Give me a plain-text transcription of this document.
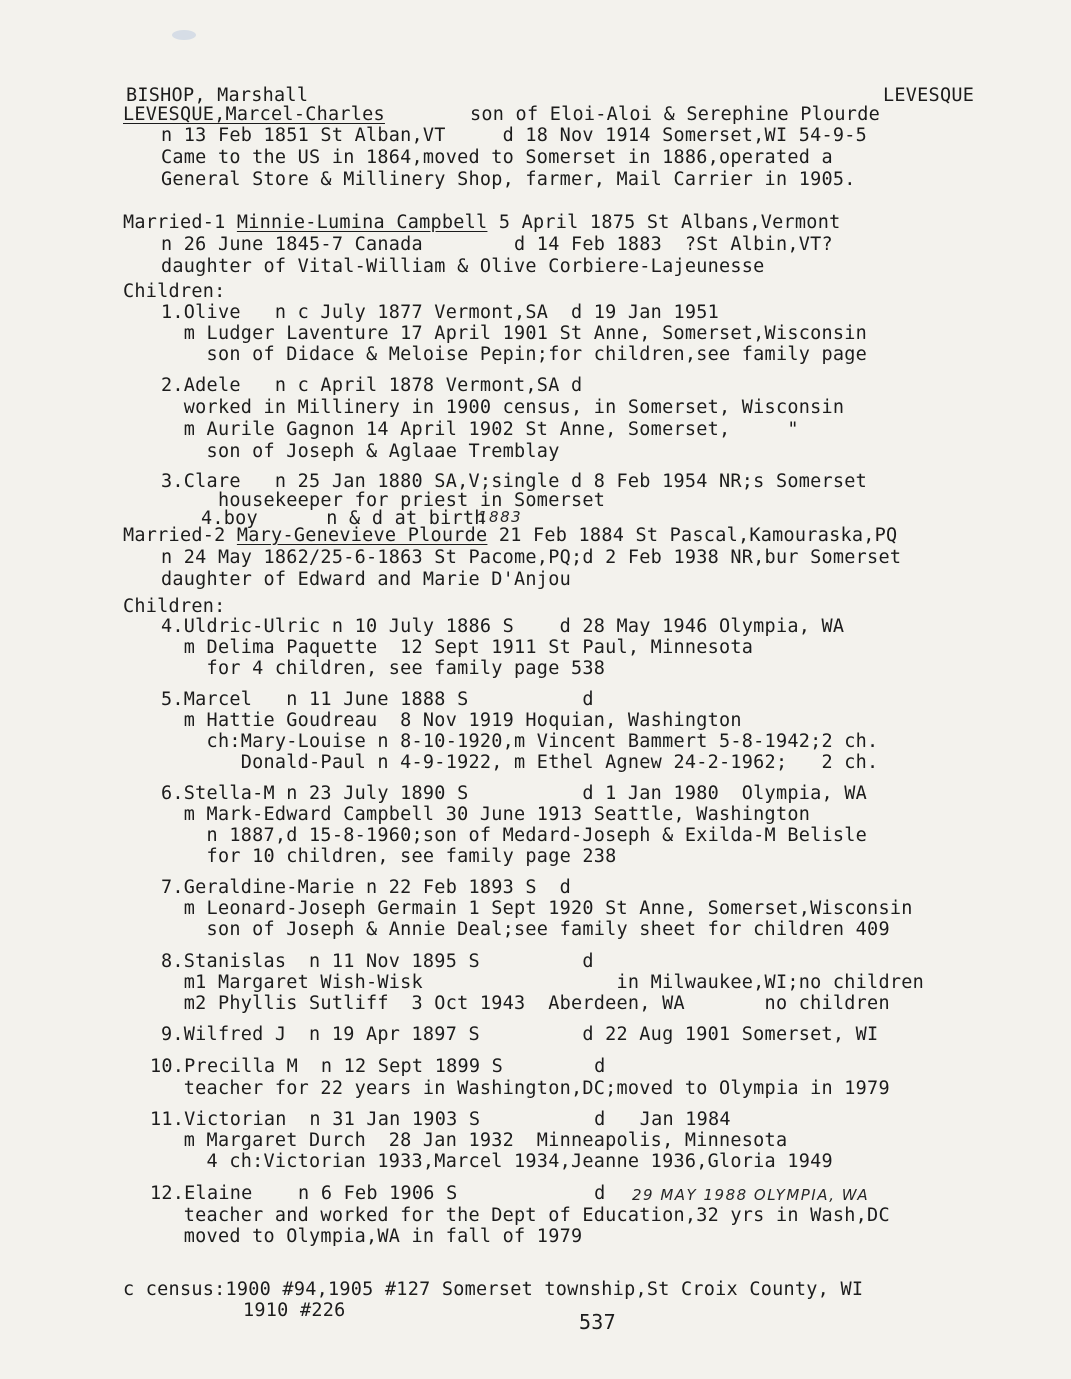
BISHOP, Marshall	LEVESQUE
LEVESQUE,Marcel-Charles	son of Eloi-Aloi & Serephine Plourde
n 13 Feb 1851 St Alban,VT     d 18 Nov 1914 Somerset,WI 54-9-5
Came to the US in 1864,moved to Somerset in 1886,operated a
General Store & Millinery Shop, farmer, Mail Carrier in 1905.
Married-1 Minnie-Lumina Campbell 5 April 1875 St Albans,Vermont
n 26 June 1845-7 Canada        d 14 Feb 1883  ?St Albin,VT?
daughter of Vital-William & Olive Corbiere-Lajeunesse
Children:
1.Olive   n c July 1877 Vermont,SA  d 19 Jan 1951
m Ludger Laventure 17 April 1901 St Anne, Somerset,Wisconsin
son of Didace & Meloise Pepin;for children,see family page
2.Adele   n c April 1878 Vermont,SA d
worked in Millinery in 1900 census, in Somerset, Wisconsin
m Aurile Gagnon 14 April 1902 St Anne, Somerset,     "
son of Joseph & Aglaae Tremblay
3.Clare   n 25 Jan 1880 SA,V;single d 8 Feb 1954 NR;s Somerset
housekeeper for priest in Somerset
4.boy      n & d at birth
1883
Married-2 Mary-Genevieve Plourde 21 Feb 1884 St Pascal,Kamouraska,PQ
n 24 May 1862/25-6-1863 St Pacome,PQ;d 2 Feb 1938 NR,bur Somerset
daughter of Edward and Marie D'Anjou
Children:
4.Uldric-Ulric n 10 July 1886 S    d 28 May 1946 Olympia, WA
m Delima Paquette  12 Sept 1911 St Paul, Minnesota
for 4 children, see family page 538
5.Marcel   n 11 June 1888 S          d
m Hattie Goudreau  8 Nov 1919 Hoquian, Washington
ch:Mary-Louise n 8-10-1920,m Vincent Bammert 5-8-1942;2 ch.
Donald-Paul n 4-9-1922, m Ethel Agnew 24-2-1962;   2 ch.
6.Stella-M n 23 July 1890 S          d 1 Jan 1980  Olympia, WA
m Mark-Edward Campbell 30 June 1913 Seattle, Washington
n 1887,d 15-8-1960;son of Medard-Joseph & Exilda-M Belisle
for 10 children, see family page 238
7.Geraldine-Marie n 22 Feb 1893 S  d
m Leonard-Joseph Germain 1 Sept 1920 St Anne, Somerset,Wisconsin
son of Joseph & Annie Deal;see family sheet for children 409
8.Stanislas  n 11 Nov 1895 S         d
m1 Margaret Wish-Wisk                 in Milwaukee,WI;no children
m2 Phyllis Sutliff  3 Oct 1943  Aberdeen, WA       no children
9.Wilfred J  n 19 Apr 1897 S         d 22 Aug 1901 Somerset, WI
10.Precilla M  n 12 Sept 1899 S        d
teacher for 22 years in Washington,DC;moved to Olympia in 1979
11.Victorian  n 31 Jan 1903 S          d   Jan 1984
m Margaret Durch  28 Jan 1932  Minneapolis, Minnesota
4 ch:Victorian 1933,Marcel 1934,Jeanne 1936,Gloria 1949
12.Elaine    n 6 Feb 1906 S            d 29 MAY 1988 OLYMPIA, WA
teacher and worked for the Dept of Education,32 yrs in Wash,DC
moved to Olympia,WA in fall of 1979
c census:1900 #94,1905 #127 Somerset township,St Croix County, WI
1910 #226	537
